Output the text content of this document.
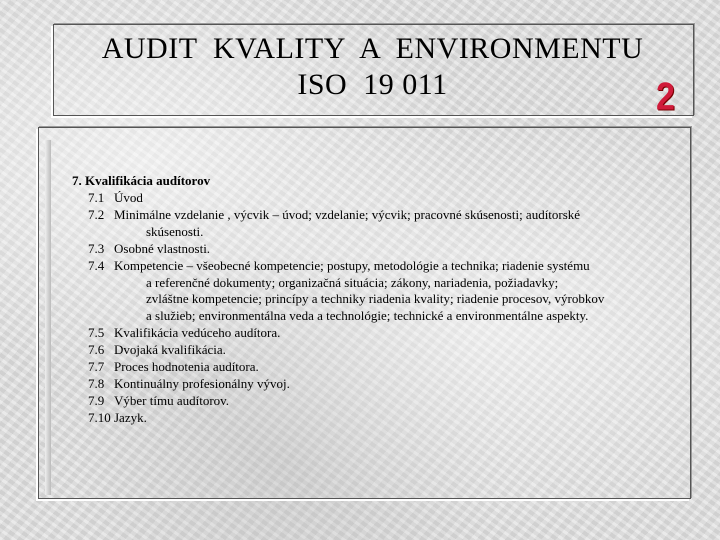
AUDIT  KVALITY  A  ENVIRONMENTU
ISO  19 011	2
7. Kvalifikácia audítorov
7.1 Úvod
7.2 Minimálne vzdelanie , výcvik – úvod; vzdelanie; výcvik; pracovné skúsenosti; audítorské
skúsenosti.
7.3 Osobné vlastnosti.
7.4 Kompetencie – všeobecné kompetencie; postupy, metodológie a technika; riadenie systému
a referenčné dokumenty; organizačná situácia; zákony, nariadenia, požiadavky;
zvláštne kompetencie; princípy a techniky riadenia kvality; riadenie procesov, výrobkov
a služieb; environmentálna veda a technológie; technické a environmentálne aspekty.
7.5 Kvalifikácia vedúceho audítora.
7.6 Dvojaká kvalifikácia.
7.7 Proces hodnotenia audítora.
7.8 Kontinuálny profesionálny vývoj.
7.9 Výber tímu audítorov.
7.10 Jazyk.
